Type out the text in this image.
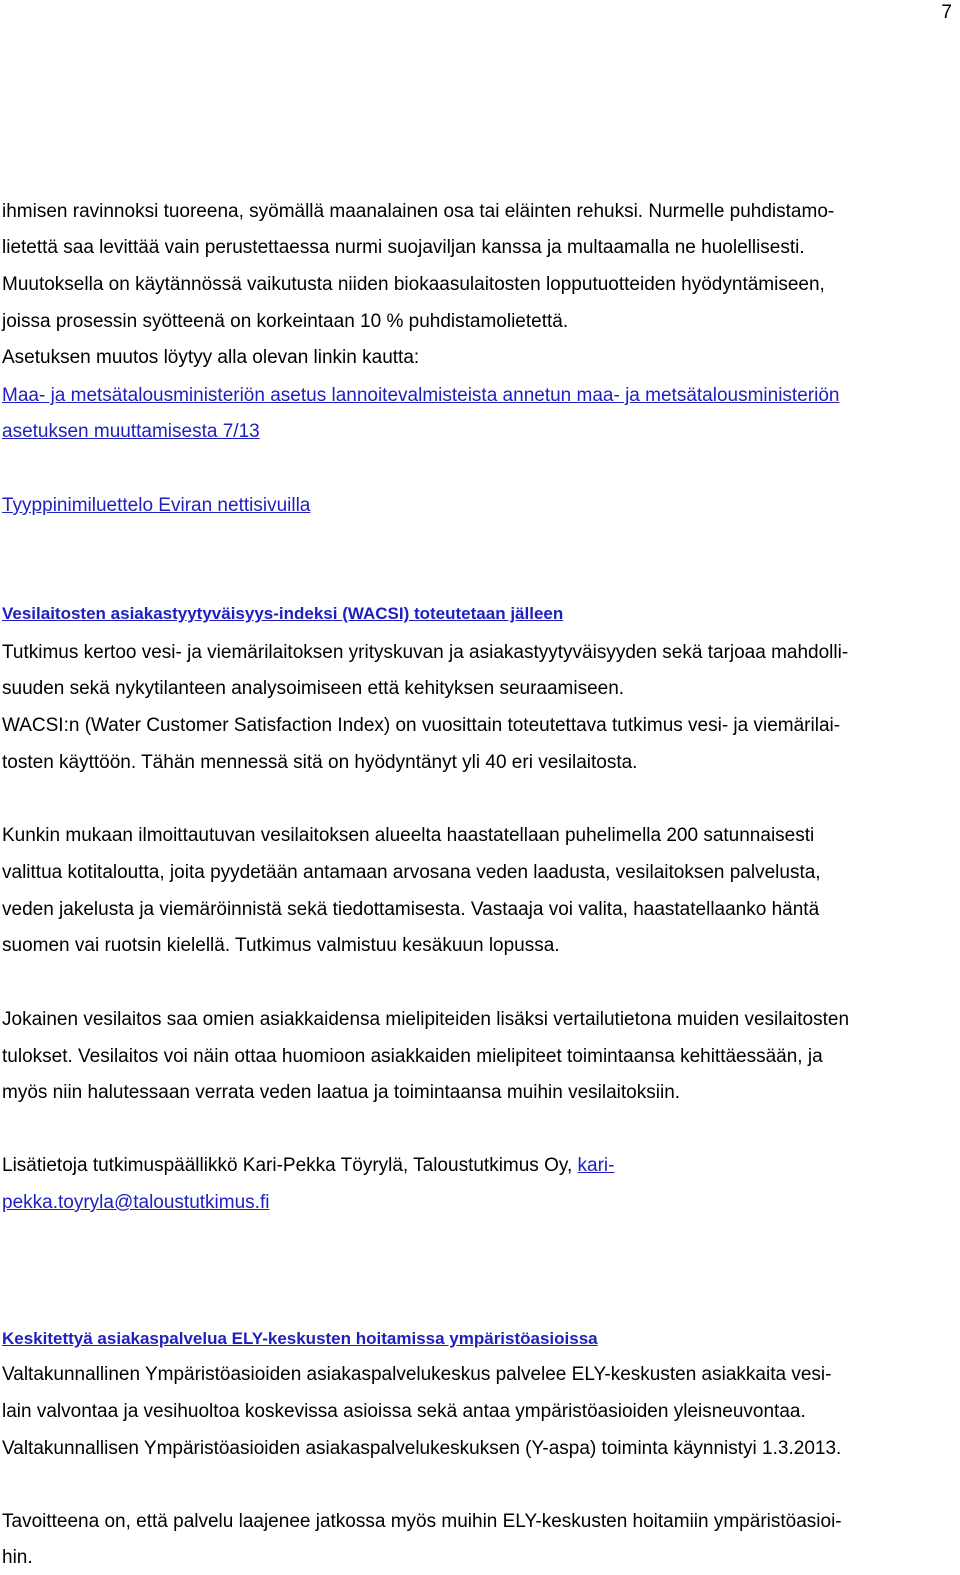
7
ihmisen ravinnoksi tuoreena, syömällä maanalainen osa tai eläinten rehuksi. Nurmelle puhdistamo-
lietettä saa levittää vain perustettaessa nurmi suojaviljan kanssa ja multaamalla ne huolellisesti.
Muutoksella on käytännössä vaikutusta niiden biokaasulaitosten lopputuotteiden hyödyntämiseen,
joissa prosessin syötteenä on korkeintaan 10 % puhdistamolietettä.
Asetuksen muutos löytyy alla olevan linkin kautta:
Maa- ja metsätalousministeriön asetus lannoitevalmisteista annetun maa- ja metsätalousministeriön
asetuksen muuttamisesta 7/13
Tyyppinimiluettelo Eviran nettisivuilla
Vesilaitosten asiakastyytyväisyys-indeksi (WACSI) toteutetaan jälleen
Tutkimus kertoo vesi- ja viemärilaitoksen yrityskuvan ja asiakastyytyväisyyden sekä tarjoaa mahdolli-
suuden sekä nykytilanteen analysoimiseen että kehityksen seuraamiseen.
WACSI:n (Water Customer Satisfaction Index) on vuosittain toteutettava tutkimus vesi- ja viemärilai-
tosten käyttöön. Tähän mennessä sitä on hyödyntänyt yli 40 eri vesilaitosta.
Kunkin mukaan ilmoittautuvan vesilaitoksen alueelta haastatellaan puhelimella 200 satunnaisesti
valittua kotitaloutta, joita pyydetään antamaan arvosana veden laadusta, vesilaitoksen palvelusta,
veden jakelusta ja viemäröinnistä sekä tiedottamisesta. Vastaaja voi valita, haastatellaanko häntä
suomen vai ruotsin kielellä. Tutkimus valmistuu kesäkuun lopussa.
Jokainen vesilaitos saa omien asiakkaidensa mielipiteiden lisäksi vertailutietona muiden vesilaitosten
tulokset. Vesilaitos voi näin ottaa huomioon asiakkaiden mielipiteet toimintaansa kehittäessään, ja
myös niin halutessaan verrata veden laatua ja toimintaansa muihin vesilaitoksiin.
Lisätietoja tutkimuspäällikkö Kari-Pekka Töyrylä, Taloustutkimus Oy, kari-
pekka.toyryla@taloustutkimus.fi
Keskitettyä asiakaspalvelua ELY-keskusten hoitamissa ympäristöasioissa
Valtakunnallinen Ympäristöasioiden asiakaspalvelukeskus palvelee ELY-keskusten asiakkaita vesi-
lain valvontaa ja vesihuoltoa koskevissa asioissa sekä antaa ympäristöasioiden yleisneuvontaa.
Valtakunnallisen Ympäristöasioiden asiakaspalvelukeskuksen (Y-aspa) toiminta käynnistyi 1.3.2013.
Tavoitteena on, että palvelu laajenee jatkossa myös muihin ELY-keskusten hoitamiin ympäristöasioi-
hin.
